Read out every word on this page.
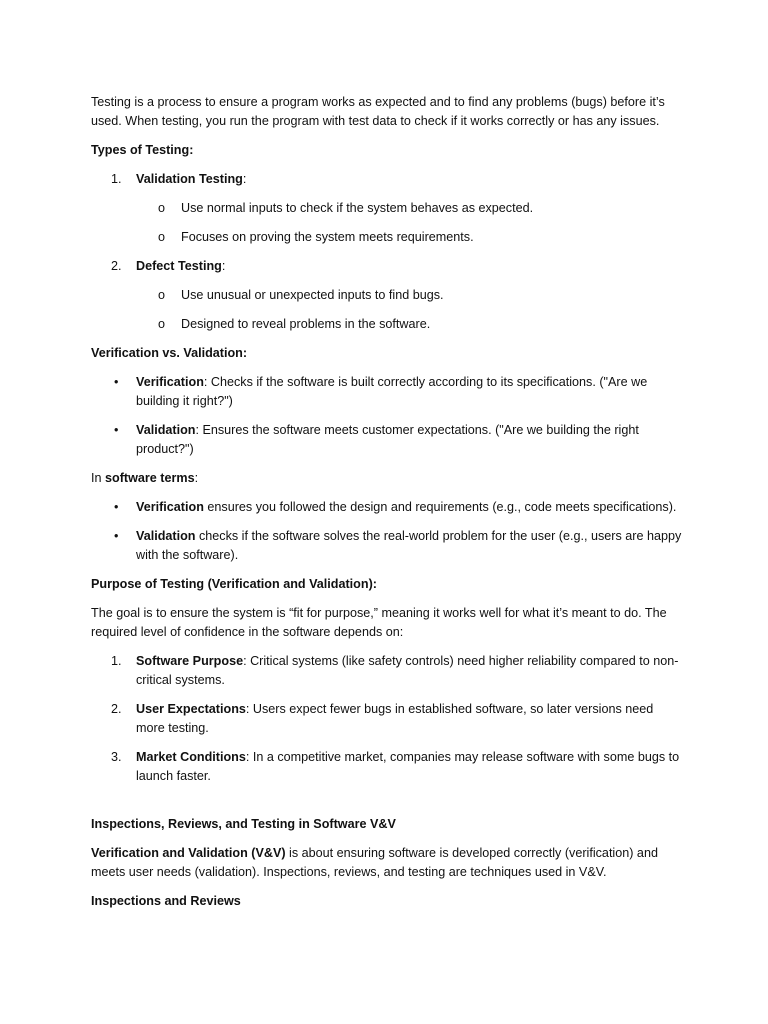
Testing is a process to ensure a program works as expected and to find any problems (bugs) before it’s used. When testing, you run the program with test data to check if it works correctly or has any issues.

Types of Testing:

1. Validation Testing:
o Use normal inputs to check if the system behaves as expected.
o Focuses on proving the system meets requirements.
2. Defect Testing:
o Use unusual or unexpected inputs to find bugs.
o Designed to reveal problems in the software.

Verification vs. Validation:

• Verification: Checks if the software is built correctly according to its specifications. ("Are we building it right?")
• Validation: Ensures the software meets customer expectations. ("Are we building the right product?")

In software terms:

• Verification ensures you followed the design and requirements (e.g., code meets specifications).
• Validation checks if the software solves the real-world problem for the user (e.g., users are happy with the software).

Purpose of Testing (Verification and Validation):

The goal is to ensure the system is “fit for purpose,” meaning it works well for what it’s meant to do. The required level of confidence in the software depends on:

1. Software Purpose: Critical systems (like safety controls) need higher reliability compared to non-critical systems.
2. User Expectations: Users expect fewer bugs in established software, so later versions need more testing.
3. Market Conditions: In a competitive market, companies may release software with some bugs to launch faster.

Inspections, Reviews, and Testing in Software V&V

Verification and Validation (V&V) is about ensuring software is developed correctly (verification) and meets user needs (validation). Inspections, reviews, and testing are techniques used in V&V.

Inspections and Reviews
